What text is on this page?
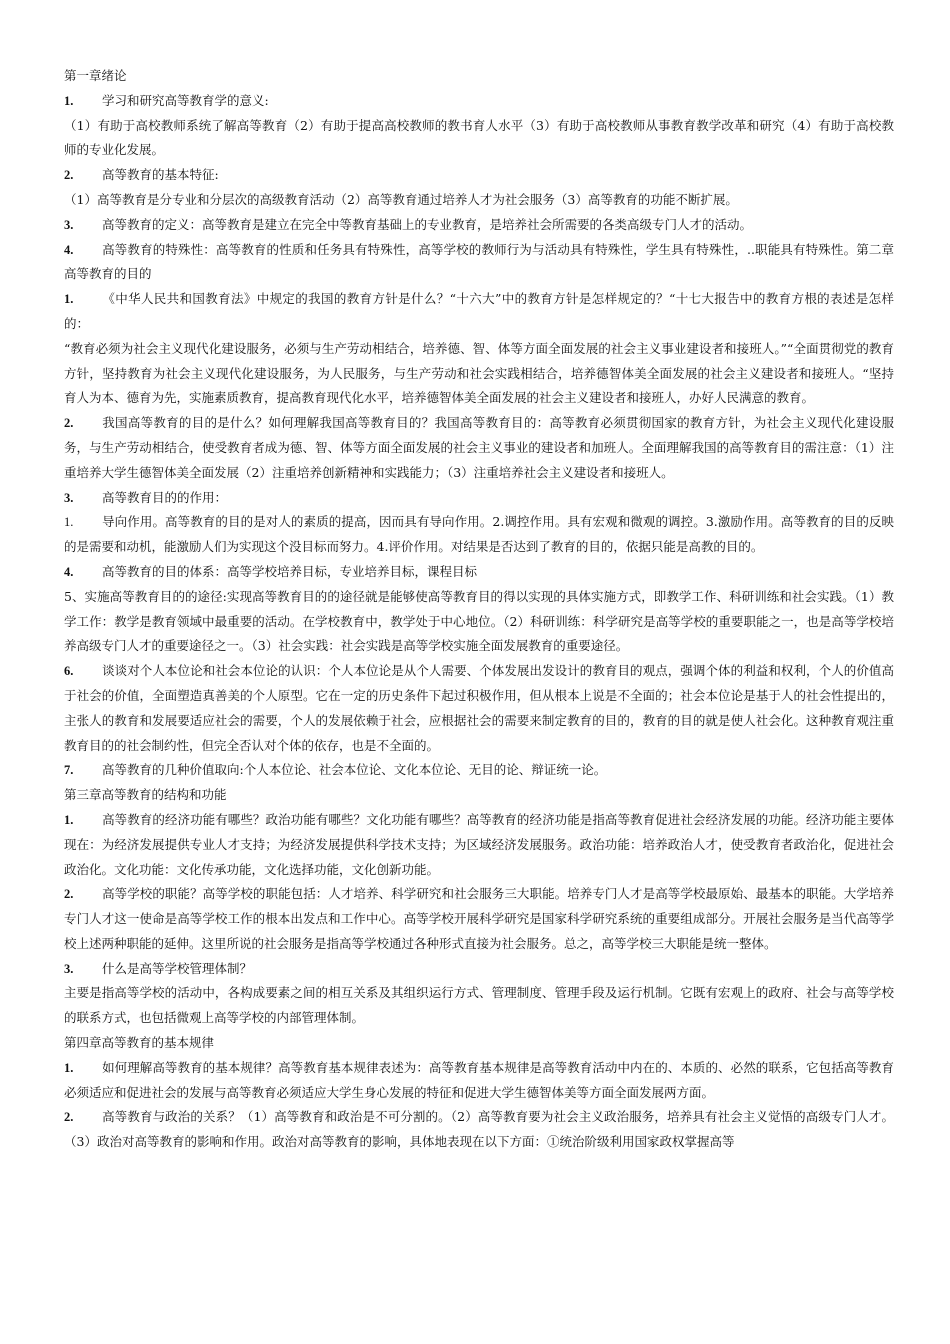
第一章绪论

1. 学习和研究高等教育学的意义:

（1）有助于高校教师系统了解高等教育（2）有助于提高高校教师的教书育人水平（3）有助于高校教师从事教育教学改革和研究（4）有助于高校教师的专业化发展。

2. 高等教育的基本特征:

（1）高等教育是分专业和分层次的高级教育活动（2）高等教育通过培养人才为社会服务（3）高等教育的功能不断扩展。

3. 高等教育的定义：高等教育是建立在完全中等教育基础上的专业教育，是培养社会所需要的各类高级专门人才的活动。

4. 高等教育的特殊性：高等教育的性质和任务具有特殊性，高等学校的教师行为与活动具有特殊性，学生具有特殊性，..职能具有特殊性。第二章高等教育的目的

1. 《中华人民共和国教育法》中规定的我国的教育方针是什么？“十六大”中的教育方针是怎样规定的？“十七大报告中的教育方根的表述是怎样的：

“教育必须为社会主义现代化建设服务，必须与生产劳动相结合，培养德、智、体等方面全面发展的社会主义事业建设者和接班人。”“全面贯彻党的教育方针，坚持教育为社会主义现代化建设服务，为人民服务，与生产劳动和社会实践相结合，培养德智体美全面发展的社会主义建设者和接班人。“坚持育人为本、德育为先，实施素质教育，提高教育现代化水平，培养德智体美全面发展的社会主义建设者和接班人，办好人民满意的教育。

2. 我国高等教育的目的是什么？如何理解我国高等教育目的？我国高等教育目的：高等教育必须贯彻国家的教育方针，为社会主义现代化建设服务，与生产劳动相结合，使受教育者成为德、智、体等方面全面发展的社会主义事业的建设者和加班人。全面理解我国的高等教育目的需注意：（1）注重培养大学生德智体美全面发展（2）注重培养创新精神和实践能力；（3）注重培养社会主义建设者和接班人。

3. 高等教育目的的作用：

1. 导向作用。高等教育的目的是对人的素质的提高，因而具有导向作用。2.调控作用。具有宏观和微观的调控。3.激励作用。高等教育的目的反映的是需要和动机，能激励人们为实现这个没目标而努力。4.评价作用。对结果是否达到了教育的目的，依据只能是高教的目的。

4. 高等教育的目的体系：高等学校培养目标，专业培养目标，课程目标

5、实施高等教育目的的途径:实现高等教育目的的途径就是能够使高等教育目的得以实现的具体实施方式，即教学工作、科研训练和社会实践。（1）教学工作：教学是教育领域中最重要的活动。在学校教育中，教学处于中心地位。（2）科研训练：科学研究是高等学校的重要职能之一，也是高等学校培养高级专门人才的重要途径之一。（3）社会实践：社会实践是高等学校实施全面发展教育的重要途径。

6. 谈谈对个人本位论和社会本位论的认识：个人本位论是从个人需要、个体发展出发设计的教育目的观点，强调个体的利益和权利，个人的价值高于社会的价值，全面塑造真善美的个人原型。它在一定的历史条件下起过积极作用，但从根本上说是不全面的；社会本位论是基于人的社会性提出的，主张人的教育和发展要适应社会的需要，个人的发展依赖于社会，应根据社会的需要来制定教育的目的，教育的目的就是使人社会化。这种教育观注重教育目的的社会制约性，但完全否认对个体的依存，也是不全面的。

7. 高等教育的几种价值取向:个人本位论、社会本位论、文化本位论、无目的论、辩证统一论。

第三章高等教育的结构和功能

1. 高等教育的经济功能有哪些？政治功能有哪些？文化功能有哪些？高等教育的经济功能是指高等教育促进社会经济发展的功能。经济功能主要体现在：为经济发展提供专业人才支持；为经济发展提供科学技术支持；为区域经济发展服务。政治功能：培养政治人才，使受教育者政治化，促进社会政治化。文化功能：文化传承功能，文化选择功能，文化创新功能。

2. 高等学校的职能？高等学校的职能包括：人才培养、科学研究和社会服务三大职能。培养专门人才是高等学校最原始、最基本的职能。大学培养专门人才这一使命是高等学校工作的根本出发点和工作中心。高等学校开展科学研究是国家科学研究系统的重要组成部分。开展社会服务是当代高等学校上述两种职能的延伸。这里所说的社会服务是指高等学校通过各种形式直接为社会服务。总之，高等学校三大职能是统一整体。

3. 什么是高等学校管理体制？

主要是指高等学校的活动中，各构成要素之间的相互关系及其组织运行方式、管理制度、管理手段及运行机制。它既有宏观上的政府、社会与高等学校的联系方式，也包括微观上高等学校的内部管理体制。

第四章高等教育的基本规律

1. 如何理解高等教育的基本规律？高等教育基本规律表述为：高等教育基本规律是高等教育活动中内在的、本质的、必然的联系，它包括高等教育必须适应和促进社会的发展与高等教育必须适应大学生身心发展的特征和促进大学生德智体美等方面全面发展两方面。

2. 高等教育与政治的关系？（1）高等教育和政治是不可分割的。（2）高等教育要为社会主义政治服务，培养具有社会主义觉悟的高级专门人才。（3）政治对高等教育的影响和作用。政治对高等教育的影响，具体地表现在以下方面：①统治阶级利用国家政权掌握高等
